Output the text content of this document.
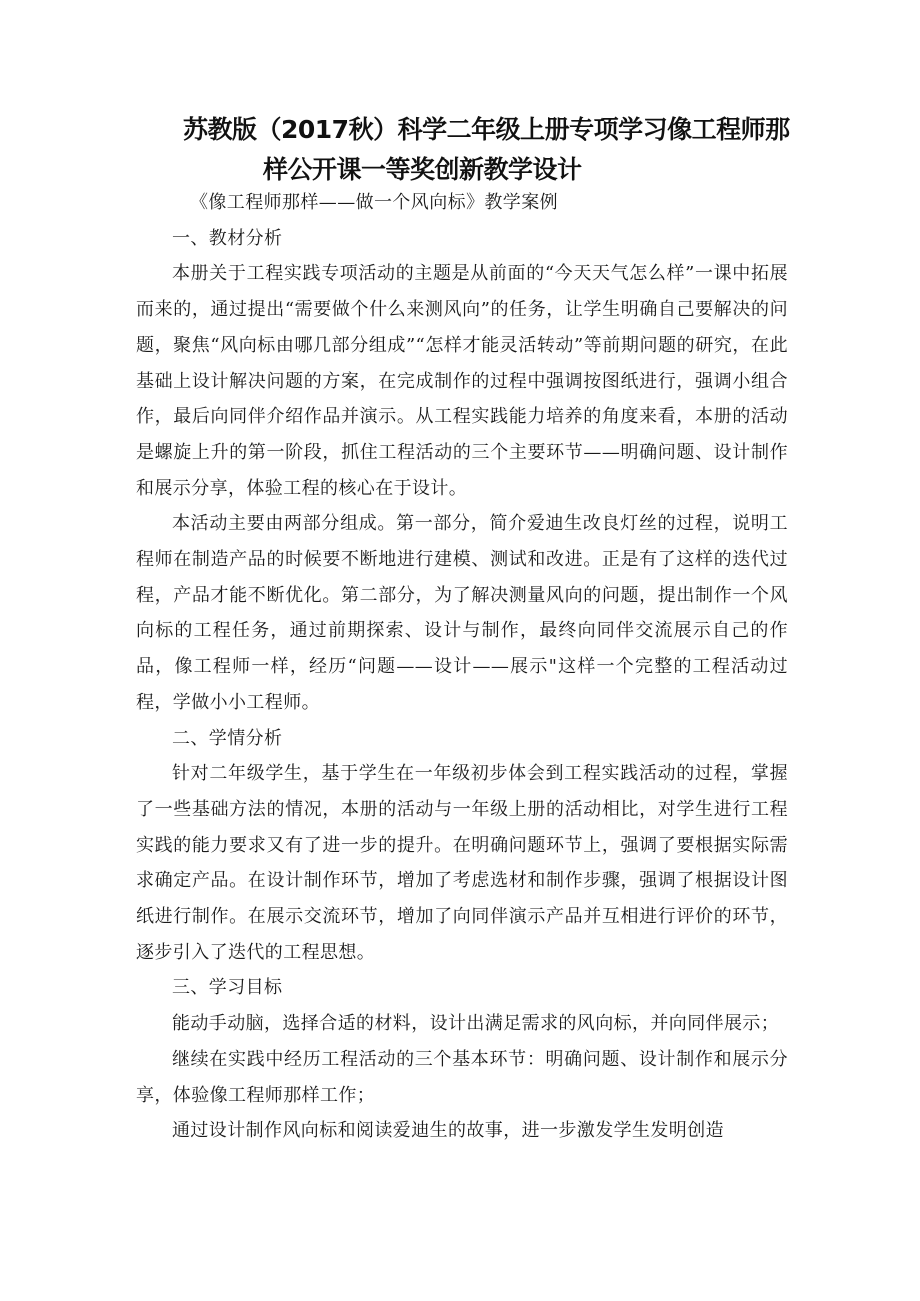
苏教版（2017秋）科学二年级上册专项学习像工程师那
样公开课一等奖创新教学设计

《像工程师那样——做一个风向标》教学案例

一、教材分析

本册关于工程实践专项活动的主题是从前面的“今天天气怎么样”一课中拓展而来的，通过提出“需要做个什么来测风向”的任务，让学生明确自己要解决的问题，聚焦“风向标由哪几部分组成”“怎样才能灵活转动”等前期问题的研究，在此基础上设计解决问题的方案，在完成制作的过程中强调按图纸进行，强调小组合作，最后向同伴介绍作品并演示。从工程实践能力培养的角度来看，本册的活动是螺旋上升的第一阶段，抓住工程活动的三个主要环节——明确问题、设计制作和展示分享，体验工程的核心在于设计。

本活动主要由两部分组成。第一部分，简介爱迪生改良灯丝的过程，说明工程师在制造产品的时候要不断地进行建模、测试和改进。正是有了这样的迭代过程，产品才能不断优化。第二部分，为了解决测量风向的问题，提出制作一个风向标的工程任务，通过前期探索、设计与制作，最终向同伴交流展示自己的作品，像工程师一样，经历“问题——设计——展示"这样一个完整的工程活动过程，学做小小工程师。

二、学情分析

针对二年级学生，基于学生在一年级初步体会到工程实践活动的过程，掌握了一些基础方法的情况，本册的活动与一年级上册的活动相比，对学生进行工程实践的能力要求又有了进一步的提升。在明确问题环节上，强调了要根据实际需求确定产品。在设计制作环节，增加了考虑选材和制作步骤，强调了根据设计图纸进行制作。在展示交流环节，增加了向同伴演示产品并互相进行评价的环节，逐步引入了迭代的工程思想。

三、学习目标

能动手动脑，选择合适的材料，设计出满足需求的风向标，并向同伴展示；

继续在实践中经历工程活动的三个基本环节：明确问题、设计制作和展示分享，体验像工程师那样工作；

通过设计制作风向标和阅读爱迪生的故事，进一步激发学生发明创造
